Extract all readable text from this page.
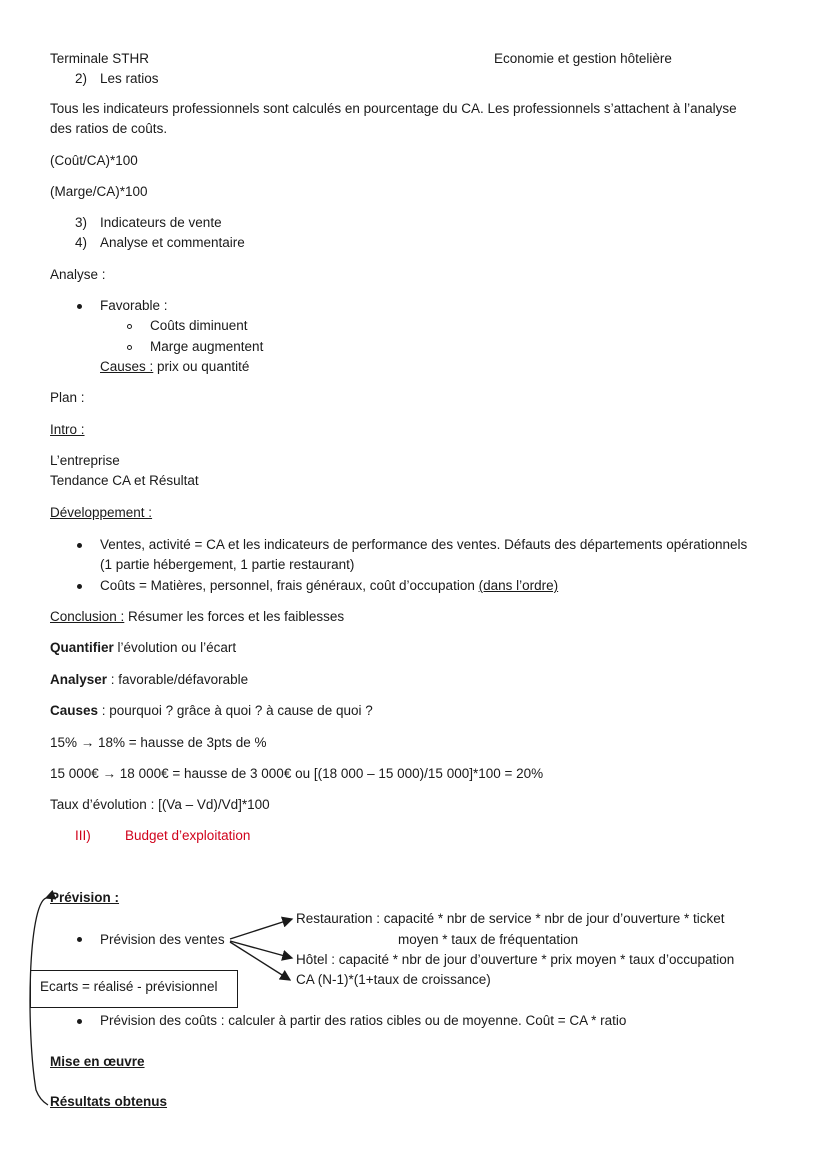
Terminale STHR	Economie et gestion hôtelière
2) Les ratios
Tous les indicateurs professionnels sont calculés en pourcentage du CA. Les professionnels s’attachent à l’analyse
des ratios de coûts.
(Coût/CA)*100
(Marge/CA)*100
3) Indicateurs de vente
4) Analyse et commentaire
Analyse :
Favorable :
Coûts diminuent
Marge augmentent
Causes : prix ou quantité
Plan :
Intro :
L’entreprise
Tendance CA et Résultat
Développement :
Ventes, activité = CA et les indicateurs de performance des ventes. Défauts des départements opérationnels
(1 partie hébergement, 1 partie restaurant)
Coûts = Matières, personnel, frais généraux, coût d’occupation (dans l’ordre)
Conclusion : Résumer les forces et les faiblesses
Quantifier l’évolution ou l’écart
Analyser : favorable/défavorable
Causes : pourquoi ? grâce à quoi ? à cause de quoi ?
15% → 18% = hausse de 3pts de %
15 000€ → 18 000€ = hausse de 3 000€ ou [(18 000 – 15 000)/15 000]*100 = 20%
Taux d’évolution : [(Va – Vd)/Vd]*100
III)	Budget d’exploitation
Prévision :
Restauration : capacité * nbr de service * nbr de jour d’ouverture * ticket
Prévision des ventes	moyen * taux de fréquentation
Hôtel : capacité * nbr de jour d’ouverture * prix moyen * taux d’occupation
CA (N-1)*(1+taux de croissance)
Ecarts = réalisé - prévisionnel
Prévision des coûts : calculer à partir des ratios cibles ou de moyenne. Coût = CA * ratio
Mise en œuvre
Résultats obtenus
